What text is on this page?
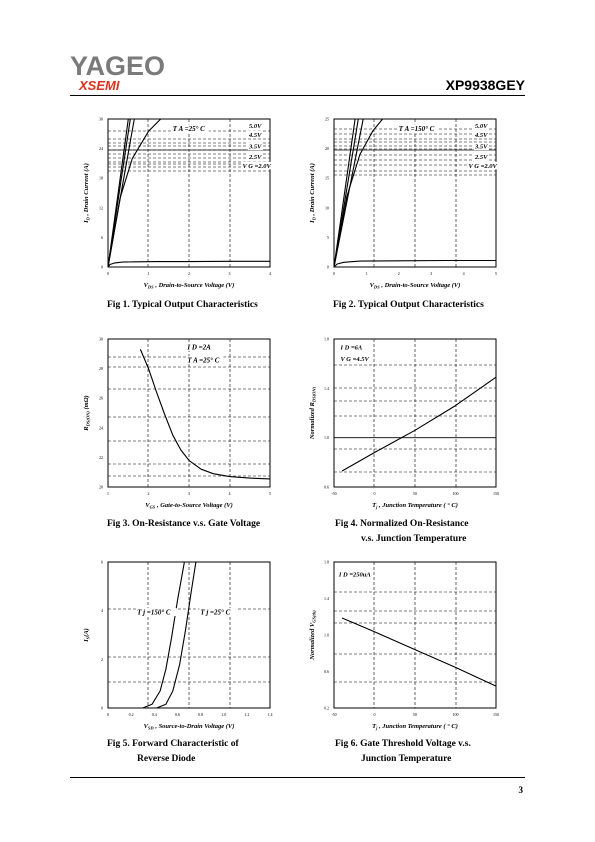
YAGEO
XSEMI	XP9938GEY
0	1	2	3	4
0
6
12
18
24
30
T A =25° C	5.0V
4.5V
3.5V
2.5V
V G =2.0V
$V_{DS}$ , Drain-to-Source Voltage (V)
$I_D$ , Drain Current (A)
0	1	2	3	4	5
0
5
10
15
20
25
T A =150° C	5.0V
4.5V
3.5V
2.5V
V G =2.0V
$V_{DS}$ , Drain-to-Source Voltage (V)
$I_D$ , Drain Current (A)
1	2	3	4	5
20
22
24
26
28
30
I D =2A
T A =25° C
$V_{GS}$ , Gate-to-Source Voltage (V)
$R_{DS(ON)}$ (mΩ)
-50	0	50	100	150
0.6
1.0
1.4
1.8
I D =6A
V G =4.5V
$T_j$ , Junction Temperature ( ° C)
Normalized $R_{DS(ON)}$
0	0.2	0.4	0.6	0.8	1.0	1.2	1.4
0
2
4
6
T j =150° C	T j =25° C
$V_{SD}$ , Source-to-Drain Voltage (V)
$I_S(A)$
-50	0	50	100	150
0.2
0.6
1.0
1.4
1.8
I D =250uA
$T_j$ , Junction Temperature ( ° C)
Normalized $V_{GS(th)}$
Fig 1. Typical Output Characteristics	Fig 2. Typical Output Characteristics
Fig 3. On-Resistance v.s. Gate Voltage	Fig 4. Normalized On-Resistance
v.s. Junction Temperature
Fig 5. Forward Characteristic of
Reverse Diode
Fig 6. Gate Threshold Voltage v.s.
Junction Temperature
3
